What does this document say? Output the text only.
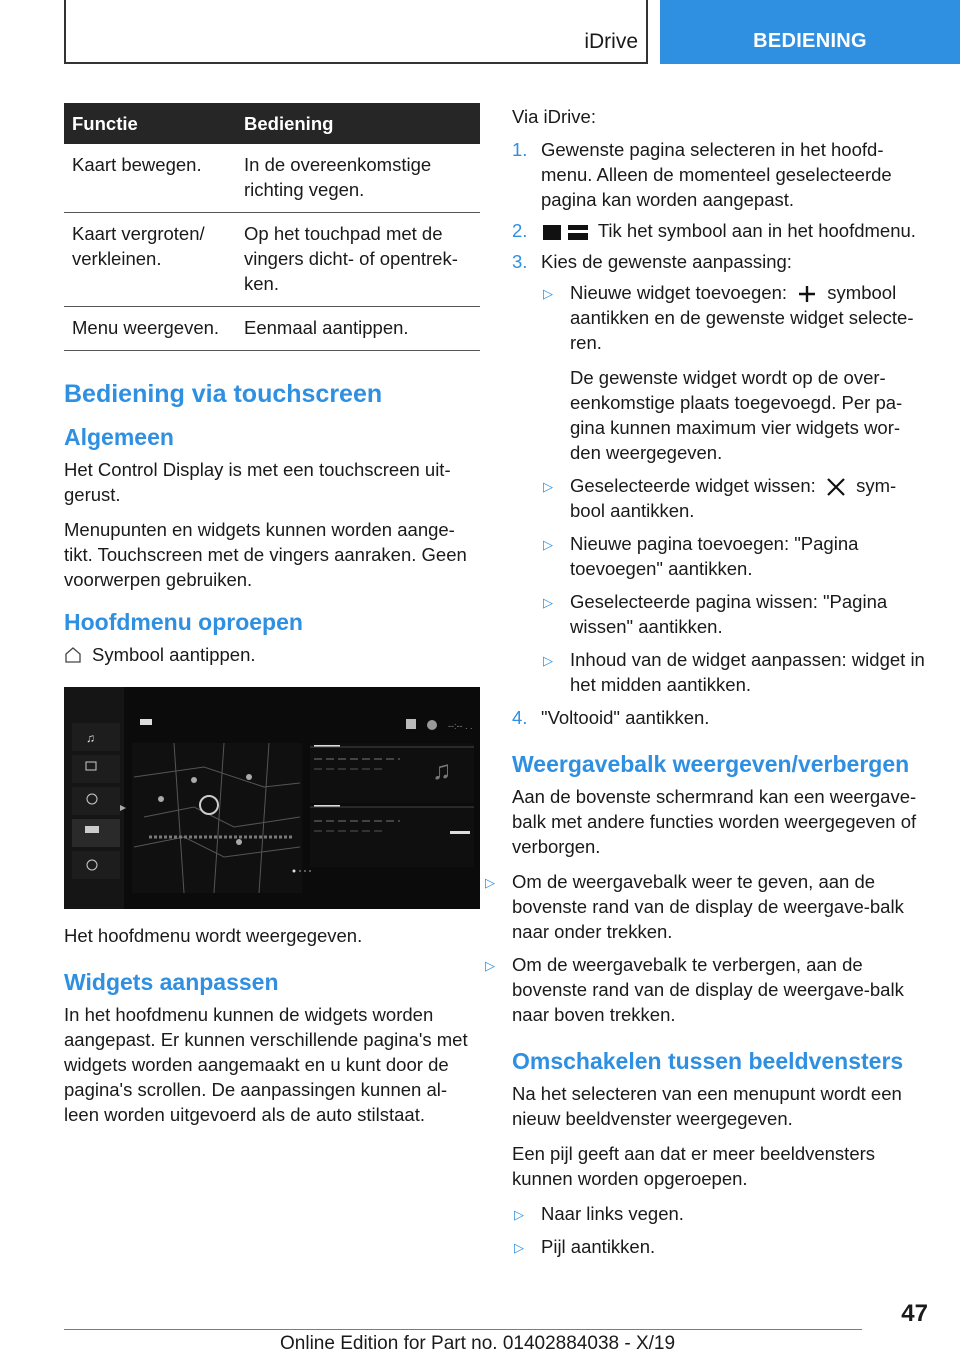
iDrive	BEDIENING
Functie	Bediening
Kaart bewegen.	In de overeenkomstige richting vegen.
Kaart vergroten/ verkleinen.	Op het touchpad met de vingers dicht- of opentrek-ken.
Menu weergeven.	Eenmaal aantippen.
Bediening via touchscreen
Algemeen

Het Control Display is met een touchscreen uit-gerust.

Menupunten en widgets kunnen worden aange-tikt. Touchscreen met de vingers aanraken. Geen voorwerpen gebruiken.

Hoofdmenu oproepen

Symbool aantippen.

♫
--:-- . .
♫

Het hoofdmenu wordt weergegeven.

Widgets aanpassen

In het hoofdmenu kunnen de widgets worden aangepast. Er kunnen verschillende pagina's met widgets worden aangemaakt en u kunt door de pagina's scrollen. De aanpassingen kunnen al-leen worden uitgevoerd als de auto stilstaat.

Via iDrive:

1. Gewenste pagina selecteren in het hoofd-menu. Alleen de momenteel geselecteerde pagina kan worden aangepast.
2.	Tik het symbool aan in het hoofdmenu.
3. Kies de gewenste aanpassing:
▷ Nieuwe widget toevoegen: symbool aantikken en de gewenste widget selecte-ren.

De gewenste widget wordt op de over-eenkomstige plaats toegevoegd. Per pa-gina kunnen maximum vier widgets wor-den weergegeven.

▷ Geselecteerde widget wissen: sym-bool aantikken.
▷ Nieuwe pagina toevoegen: "Pagina toevoegen" aantikken.
▷ Geselecteerde pagina wissen: "Pagina wissen" aantikken.
▷ Inhoud van de widget aanpassen: widget in het midden aantikken.
4. "Voltooid" aantikken.
Weergavebalk weergeven/verbergen

Aan de bovenste schermrand kan een weergave-balk met andere functies worden weergegeven of verborgen.

▷ Om de weergavebalk weer te geven, aan de bovenste rand van de display de weergave-balk naar onder trekken.
▷ Om de weergavebalk te verbergen, aan de bovenste rand van de display de weergave-balk naar boven trekken.
Omschakelen tussen beeldvensters

Na het selecteren van een menupunt wordt een nieuw beeldvenster weergegeven.

Een pijl geeft aan dat er meer beeldvensters kunnen worden opgeroepen.

▷ Naar links vegen.
▷ Pijl aantikken.
47
Online Edition for Part no. 01402884038 - X/19
